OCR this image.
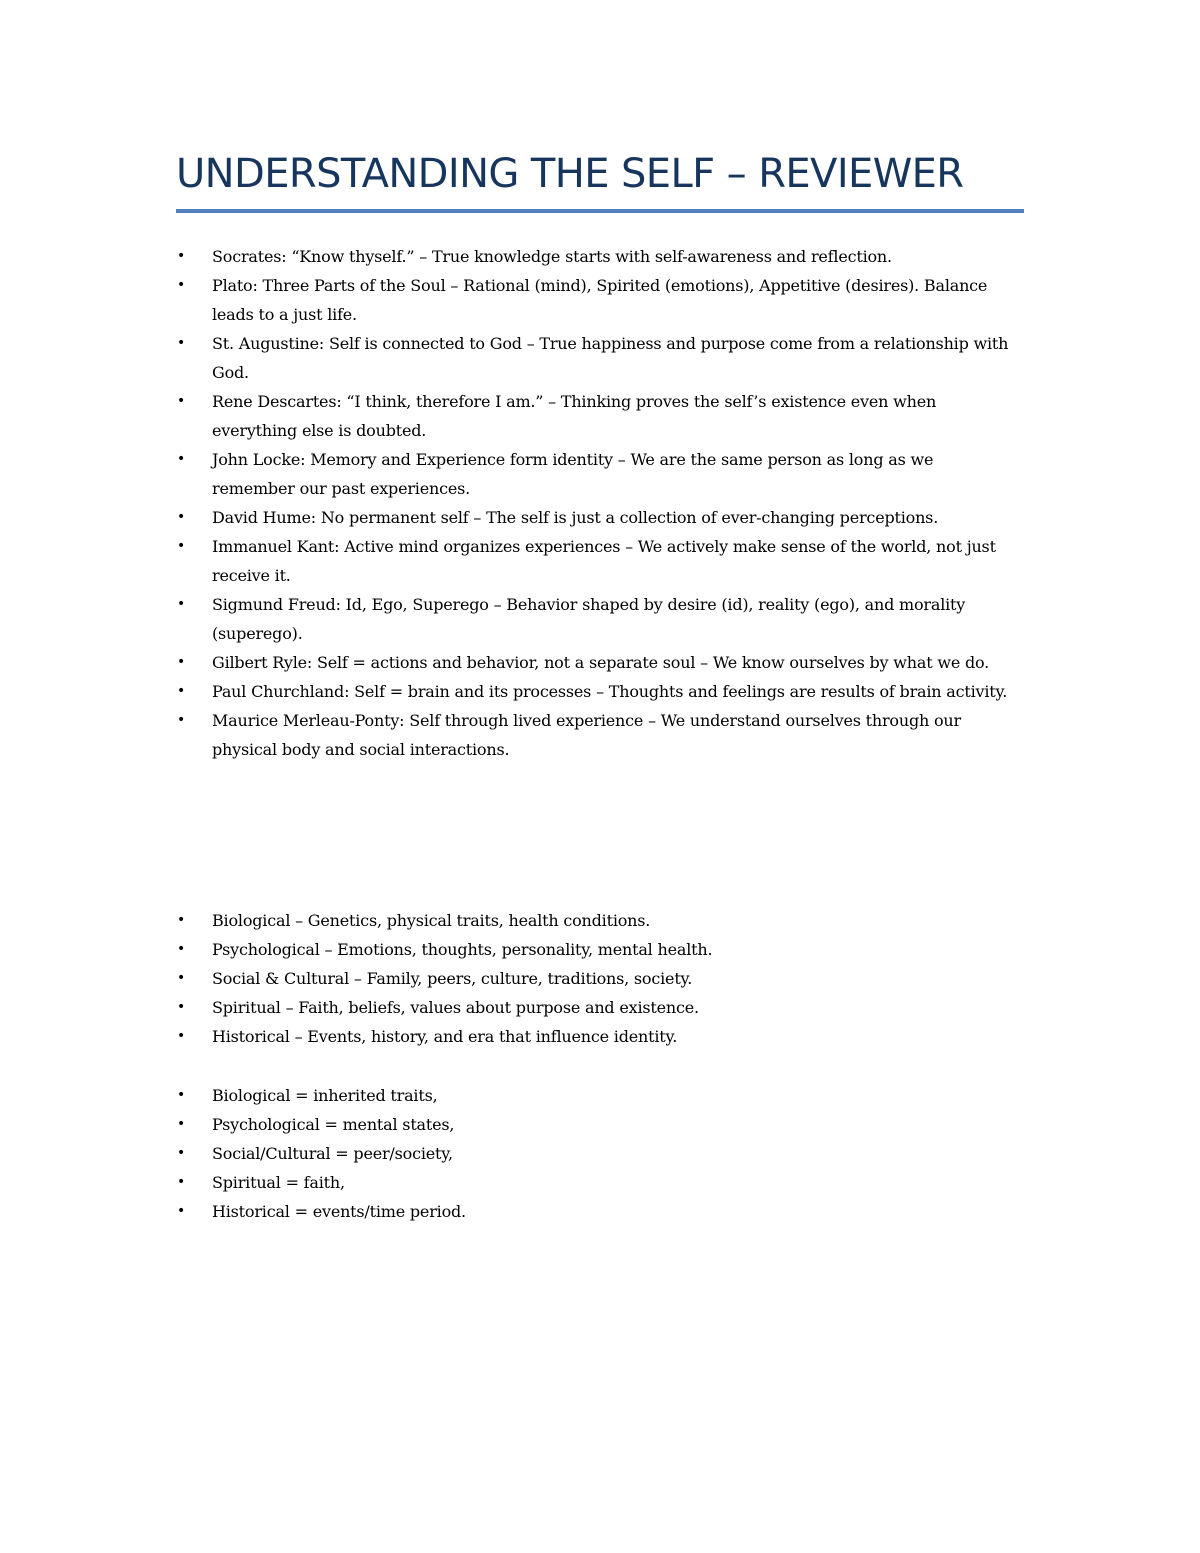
UNDERSTANDING THE SELF – REVIEWER
• Socrates: “Know thyself.” – True knowledge starts with self-awareness and reflection.
• Plato: Three Parts of the Soul – Rational (mind), Spirited (emotions), Appetitive (desires). Balance leads to a just life.
• St. Augustine: Self is connected to God – True happiness and purpose come from a relationship with God.
• Rene Descartes: “I think, therefore I am.” – Thinking proves the self’s existence even when everything else is doubted.
• John Locke: Memory and Experience form identity – We are the same person as long as we remember our past experiences.
• David Hume: No permanent self – The self is just a collection of ever-changing perceptions.
• Immanuel Kant: Active mind organizes experiences – We actively make sense of the world, not just receive it.
• Sigmund Freud: Id, Ego, Superego – Behavior shaped by desire (id), reality (ego), and morality (superego).
• Gilbert Ryle: Self = actions and behavior, not a separate soul – We know ourselves by what we do.
• Paul Churchland: Self = brain and its processes – Thoughts and feelings are results of brain activity.
• Maurice Merleau-Ponty: Self through lived experience – We understand ourselves through our physical body and social interactions.
• Biological – Genetics, physical traits, health conditions.
• Psychological – Emotions, thoughts, personality, mental health.
• Social & Cultural – Family, peers, culture, traditions, society.
• Spiritual – Faith, beliefs, values about purpose and existence.
• Historical – Events, history, and era that influence identity.
• Biological = inherited traits,
• Psychological = mental states,
• Social/Cultural = peer/society,
• Spiritual = faith,
• Historical = events/time period.
